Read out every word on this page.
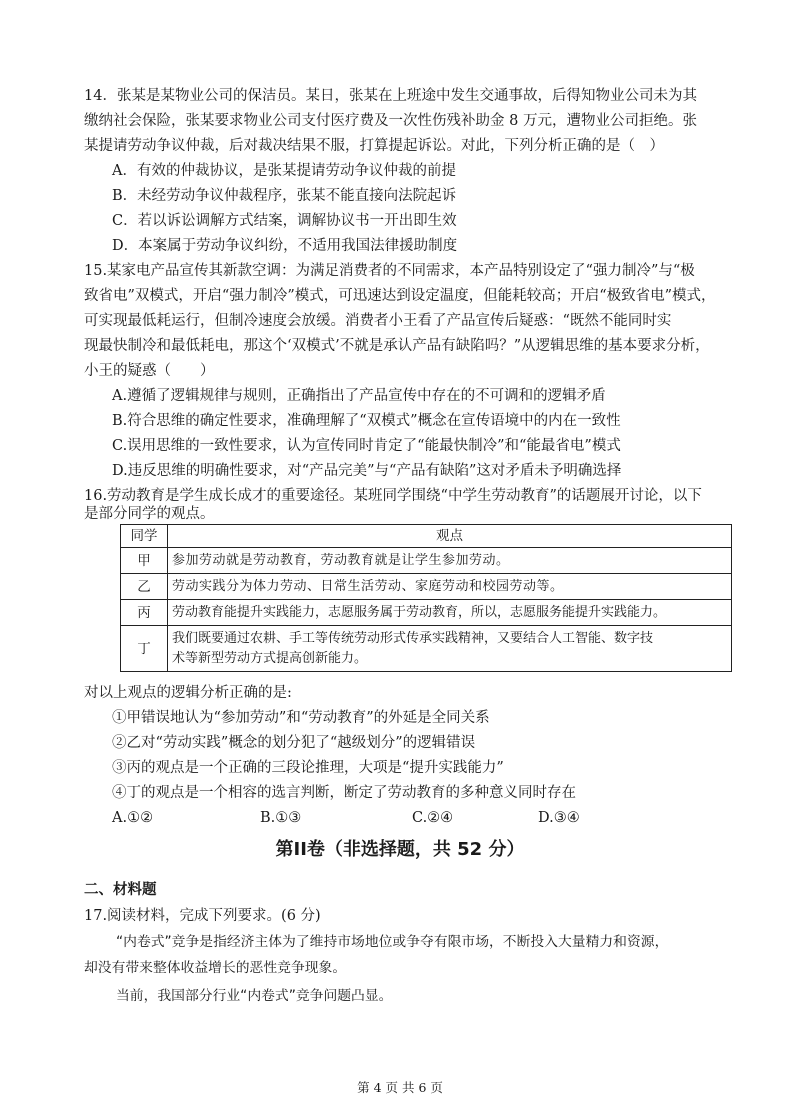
14．张某是某物业公司的保洁员。某日，张某在上班途中发生交通事故，后得知物业公司未为其
缴纳社会保险，张某要求物业公司支付医疗费及一次性伤残补助金 8 万元，遭物业公司拒绝。张
某提请劳动争议仲裁，后对裁决结果不服，打算提起诉讼。对此，下列分析正确的是（　）
A．有效的仲裁协议，是张某提请劳动争议仲裁的前提
B．未经劳动争议仲裁程序，张某不能直接向法院起诉
C．若以诉讼调解方式结案，调解协议书一开出即生效
D．本案属于劳动争议纠纷，不适用我国法律援助制度
15.某家电产品宣传其新款空调：为满足消费者的不同需求，本产品特别设定了“强力制冷”与“极
致省电”双模式，开启“强力制冷”模式，可迅速达到设定温度，但能耗较高；开启“极致省电”模式，
可实现最低耗运行，但制冷速度会放缓。消费者小王看了产品宣传后疑惑：“既然不能同时实
现最快制冷和最低耗电，那这个‘双模式’不就是承认产品有缺陷吗？”从逻辑思维的基本要求分析，
小王的疑惑（　　）
A.遵循了逻辑规律与规则，正确指出了产品宣传中存在的不可调和的逻辑矛盾
B.符合思维的确定性要求，准确理解了“双模式”概念在宣传语境中的内在一致性
C.误用思维的一致性要求，认为宣传同时肯定了“能最快制冷”和“能最省电”模式
D.违反思维的明确性要求，对“产品完美”与“产品有缺陷”这对矛盾未予明确选择
16.劳动教育是学生成长成才的重要途径。某班同学围绕“中学生劳动教育”的话题展开讨论，以下
是部分同学的观点。
同学	观点
甲	参加劳动就是劳动教育，劳动教育就是让学生参加劳动。
乙	劳动实践分为体力劳动、日常生活劳动、家庭劳动和校园劳动等。
丙	劳动教育能提升实践能力，志愿服务属于劳动教育，所以，志愿服务能提升实践能力。
丁	我们既要通过农耕、手工等传统劳动形式传承实践精神，又要结合人工智能、数字技
术等新型劳动方式提高创新能力。
对以上观点的逻辑分析正确的是:
①甲错误地认为“参加劳动”和“劳动教育”的外延是全同关系
②乙对“劳动实践”概念的划分犯了“越级划分”的逻辑错误
③丙的观点是一个正确的三段论推理，大项是“提升实践能力”
④丁的观点是一个相容的选言判断，断定了劳动教育的多种意义同时存在
A.①②	B.①③	C.②④	D.③④
第II卷（非选择题，共 52 分）
二、材料题
17.阅读材料，完成下列要求。(6 分)
“内卷式”竞争是指经济主体为了维持市场地位或争夺有限市场，不断投入大量精力和资源，
却没有带来整体收益增长的恶性竞争现象。
当前，我国部分行业“内卷式”竞争问题凸显。
第 4 页 共 6 页
